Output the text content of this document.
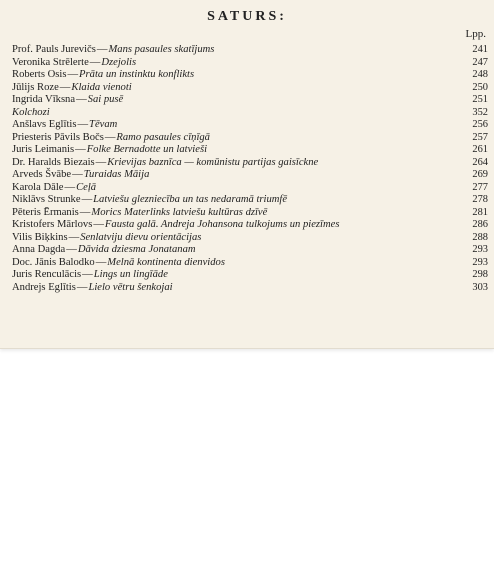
SATURS:
Lpp.
Prof. Pauls Jurevičs — Mans pasaules skatījums	241
Veronika Strēlerte — Dzejolis	247
Roberts Osis — Prāta un instinktu konflikts	248
Jūlijs Roze — Klaida vienoti	250
Ingrida Vīksna — Sai pusē	251
Kolchozi	352
Anšlavs Eglītis — Tēvam	256
Priesteris Pāvils Bočs — Ramo pasaules cīņīgā	257
Juris Leimanis — Folke Bernadotte un latvieši	261
Dr. Haralds Biezais — Krievijas baznīca — komūnistu partijas gaisīckne	264
Arveds Švābe — Turaidas Māija	269
Karola Dāle — Ceļā	277
Niklāvs Strunke — Latviešu glezniecība un tas nedaramā triumfē	278
Pēteris Ērmanis — Morics Materlinks latviešu kultūras dzīvē	281
Kristofers Mārlovs — Fausta galā. Andreja Johansona tulkojums un piezīmes	286
Vilis Biķkins — Senlatviju dievu orientācijas	288
Anna Dagda — Dāvida dziesma Jonatanam	293
Doc. Jānis Balodko — Melnā kontinenta dienvidos	293
Juris Renculācis — Lings un lingīāde	298
Andrejs Eglītis — Lielo vētru šenkojai	303
